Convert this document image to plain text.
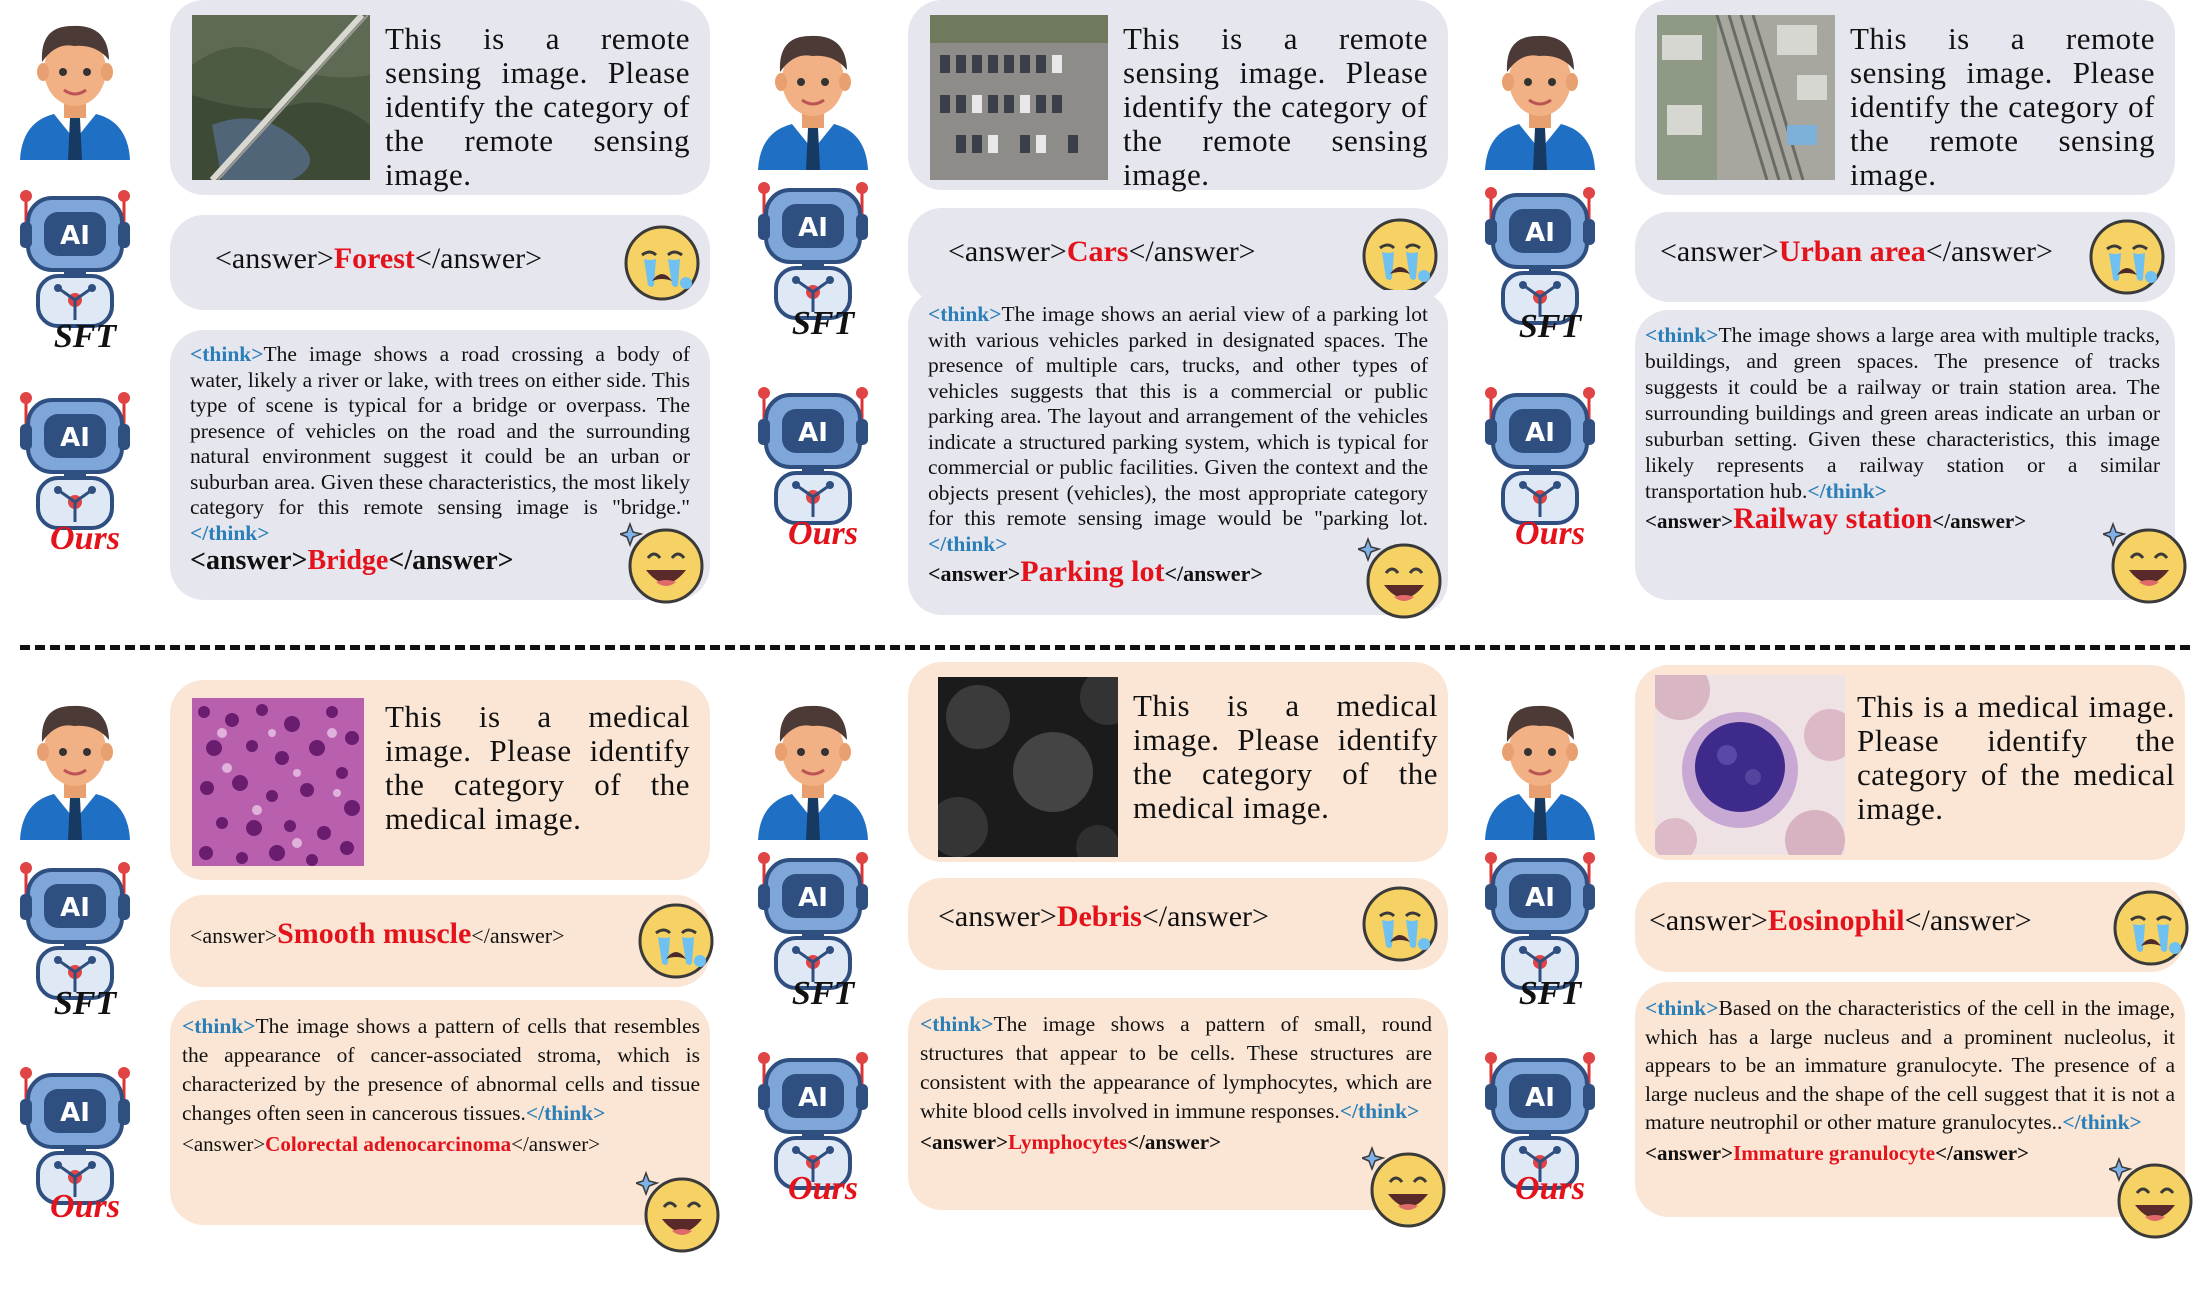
SFT
Ours
This is a remote sensing image. Please identify the category of the remote sensing image.
<answer>Forest</answer>
<think>The image shows a road crossing a body of water, likely a river or lake, with trees on either side. This type of scene is typical for a bridge or overpass. The presence of vehicles on the road and the surrounding natural environment suggest it could be an urban or suburban area. Given these characteristics, the most likely category for this remote sensing image is "bridge."</think>
<answer>Bridge</answer>
SFT
Ours
This is a remote sensing image. Please identify the category of the remote sensing image.
<answer>Cars</answer>
<think>The image shows an aerial view of a parking lot with various vehicles parked in designated spaces. The presence of multiple cars, trucks, and other types of vehicles suggests that this is a commercial or public parking area. The layout and arrangement of the vehicles indicate a structured parking system, which is typical for commercial or public facilities. Given the context and the objects present (vehicles), the most appropriate category for this remote sensing image would be "parking lot.</think>
<answer>Parking lot</answer>
SFT
Ours
This is a remote sensing image. Please identify the category of the remote sensing image.
<answer>Urban area</answer>
<think>The image shows a large area with multiple tracks, buildings, and green spaces. The presence of tracks suggests it could be a railway or train station area. The surrounding buildings and green areas indicate an urban or suburban setting. Given these characteristics, this image likely represents a railway station or a similar transportation hub.</think>
<answer>Railway station</answer>
SFT
Ours
This is a medical image. Please identify the category of the medical image.
<answer>Smooth muscle</answer>
<think>The image shows a pattern of cells that resembles the appearance of cancer-associated stroma, which is characterized by the presence of abnormal cells and tissue changes often seen in cancerous tissues.</think>
<answer>Colorectal adenocarcinoma</answer>
SFT
Ours
This is a medical image. Please identify the category of the medical image.
<answer>Debris</answer>
<think>The image shows a pattern of small, round structures that appear to be cells. These structures are consistent with the appearance of lymphocytes, which are white blood cells involved in immune responses.</think>
<answer>Lymphocytes</answer>
SFT
Ours
This is a medical image. Please identify the category of the medical image.
<answer>Eosinophil</answer>
<think>Based on the characteristics of the cell in the image, which has a large nucleus and a prominent nucleolus, it appears to be an immature granulocyte. The presence of a large nucleus and the shape of the cell suggest that it is not a mature neutrophil or other mature granulocytes..</think>
<answer>Immature granulocyte</answer>
